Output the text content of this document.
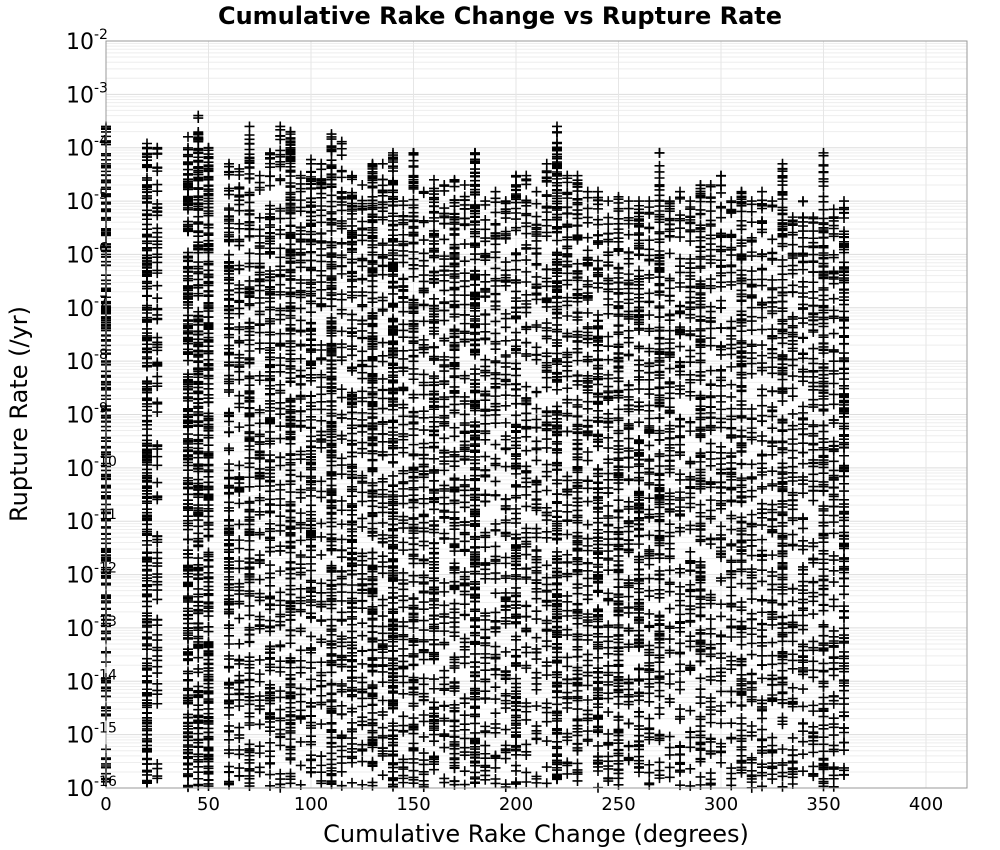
Cumulative Rake Change vs Rupture Rate
0	50	100	150	200	250	300	350	400
10-2
10-3
10-4
10-5
10-6
10-7
10-8
10-9
10-10
10-11
10-12
10-13
10-14
10-15
10-16
Cumulative Rake Change (degrees)
Rupture Rate (/yr)
